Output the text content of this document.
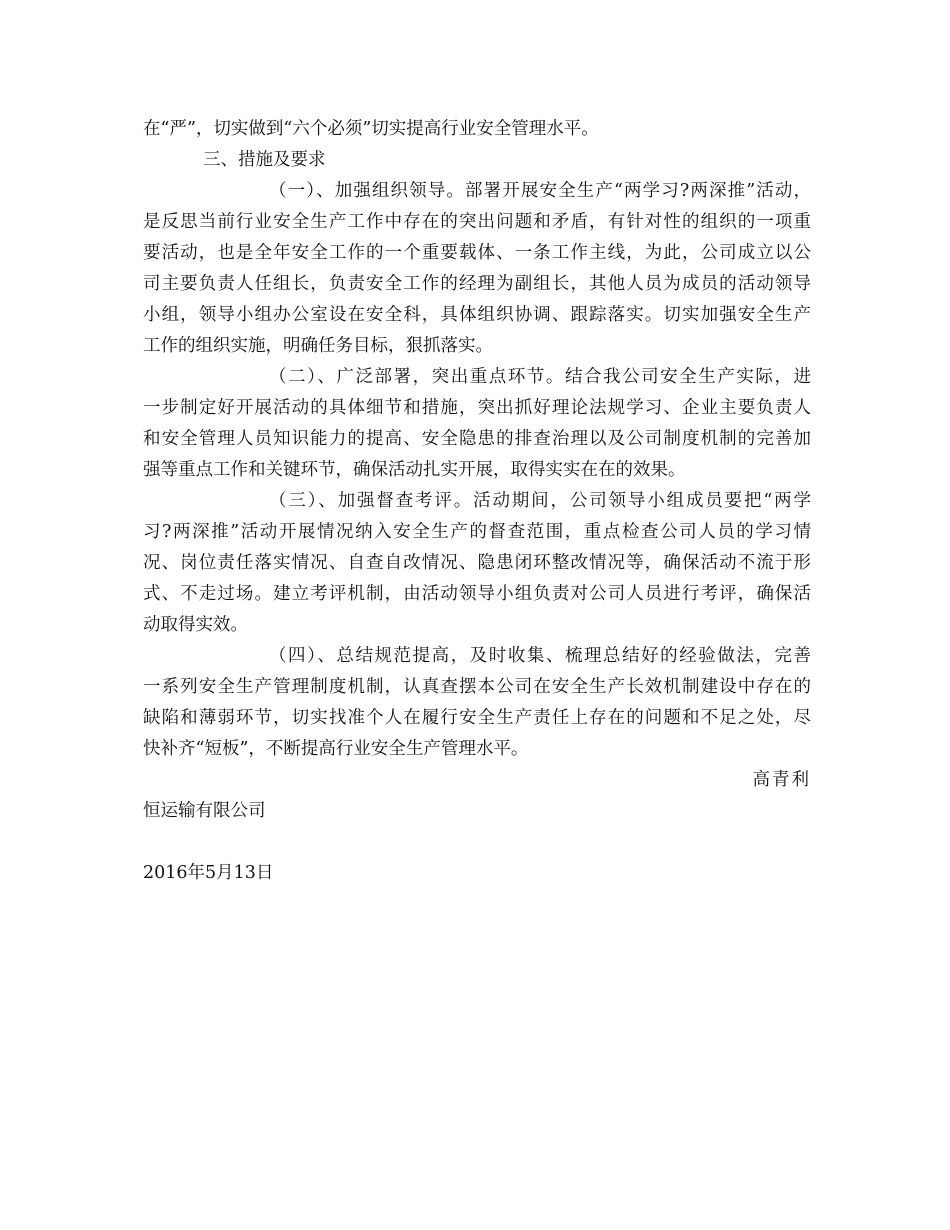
在“严”，切实做到“六个必须”切实提高行业安全管理水平。
三、措施及要求
（一）、加强组织领导。部署开展安全生产“两学习?两深推”活动，
是反思当前行业安全生产工作中存在的突出问题和矛盾，有针对性的组织的一项重
要活动，也是全年安全工作的一个重要载体、一条工作主线，为此，公司成立以公
司主要负责人任组长，负责安全工作的经理为副组长，其他人员为成员的活动领导
小组，领导小组办公室设在安全科，具体组织协调、跟踪落实。切实加强安全生产
工作的组织实施，明确任务目标，狠抓落实。
（二）、广泛部署，突出重点环节。结合我公司安全生产实际，进
一步制定好开展活动的具体细节和措施，突出抓好理论法规学习、企业主要负责人
和安全管理人员知识能力的提高、安全隐患的排查治理以及公司制度机制的完善加
强等重点工作和关键环节，确保活动扎实开展，取得实实在在的效果。
（三）、加强督查考评。活动期间，公司领导小组成员要把“两学
习?两深推”活动开展情况纳入安全生产的督查范围，重点检查公司人员的学习情
况、岗位责任落实情况、自查自改情况、隐患闭环整改情况等，确保活动不流于形
式、不走过场。建立考评机制，由活动领导小组负责对公司人员进行考评，确保活
动取得实效。
（四）、总结规范提高，及时收集、梳理总结好的经验做法，完善
一系列安全生产管理制度机制，认真查摆本公司在安全生产长效机制建设中存在的
缺陷和薄弱环节，切实找准个人在履行安全生产责任上存在的问题和不足之处，尽
快补齐“短板”，不断提高行业安全生产管理水平。
高青利
恒运输有限公司
2016年5月13日
